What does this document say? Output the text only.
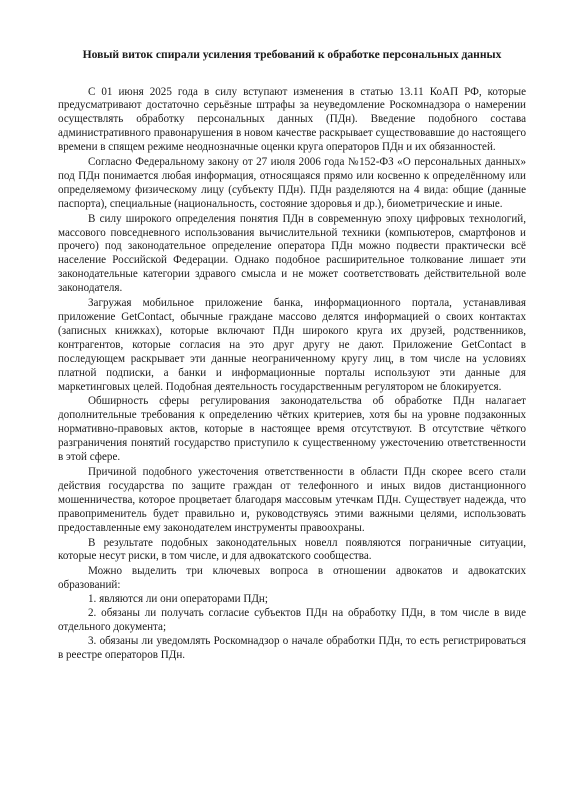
Новый виток спирали усиления требований к обработке персональных данных

С 01 июня 2025 года в силу вступают изменения в статью 13.11 КоАП РФ, которые предусматривают достаточно серьёзные штрафы за неуведомление Роскомнадзора о намерении осуществлять обработку персональных данных (ПДн). Введение подобного состава административного правонарушения в новом качестве раскрывает существовавшие до настоящего времени в спящем режиме неоднозначные оценки круга операторов ПДн и их обязанностей.

Согласно Федеральному закону от 27 июля 2006 года №152-ФЗ «О персональных данных» под ПДн понимается любая информация, относящаяся прямо или косвенно к определённому или определяемому физическому лицу (субъекту ПДн). ПДн разделяются на 4 вида: общие (данные паспорта), специальные (национальность, состояние здоровья и др.), биометрические и иные.

В силу широкого определения понятия ПДн в современную эпоху цифровых технологий, массового повседневного использования вычислительной техники (компьютеров, смартфонов и прочего) под законодательное определение оператора ПДн можно подвести практически всё население Российской Федерации. Однако подобное расширительное толкование лишает эти законодательные категории здравого смысла и не может соответствовать действительной воле законодателя.

Загружая мобильное приложение банка, информационного портала, устанавливая приложение GetContact, обычные граждане массово делятся информацией о своих контактах (записных книжках), которые включают ПДн широкого круга их друзей, родственников, контрагентов, которые согласия на это друг другу не дают. Приложение GetContact в последующем раскрывает эти данные неограниченному кругу лиц, в том числе на условиях платной подписки, а банки и информационные порталы используют эти данные для маркетинговых целей. Подобная деятельность государственным регулятором не блокируется.

Обширность сферы регулирования законодательства об обработке ПДн налагает дополнительные требования к определению чётких критериев, хотя бы на уровне подзаконных нормативно-правовых актов, которые в настоящее время отсутствуют. В отсутствие чёткого разграничения понятий государство приступило к существенному ужесточению ответственности в этой сфере.

Причиной подобного ужесточения ответственности в области ПДн скорее всего стали действия государства по защите граждан от телефонного и иных видов дистанционного мошенничества, которое процветает благодаря массовым утечкам ПДн. Существует надежда, что правоприменитель будет правильно и, руководствуясь этими важными целями, использовать предоставленные ему законодателем инструменты правоохраны.

В результате подобных законодательных новелл появляются пограничные ситуации, которые несут риски, в том числе, и для адвокатского сообщества.

Можно выделить три ключевых вопроса в отношении адвокатов и адвокатских образований:

1. являются ли они операторами ПДн;

2. обязаны ли получать согласие субъектов ПДн на обработку ПДн, в том числе в виде отдельного документа;

3. обязаны ли уведомлять Роскомнадзор о начале обработки ПДн, то есть регистрироваться в реестре операторов ПДн.
